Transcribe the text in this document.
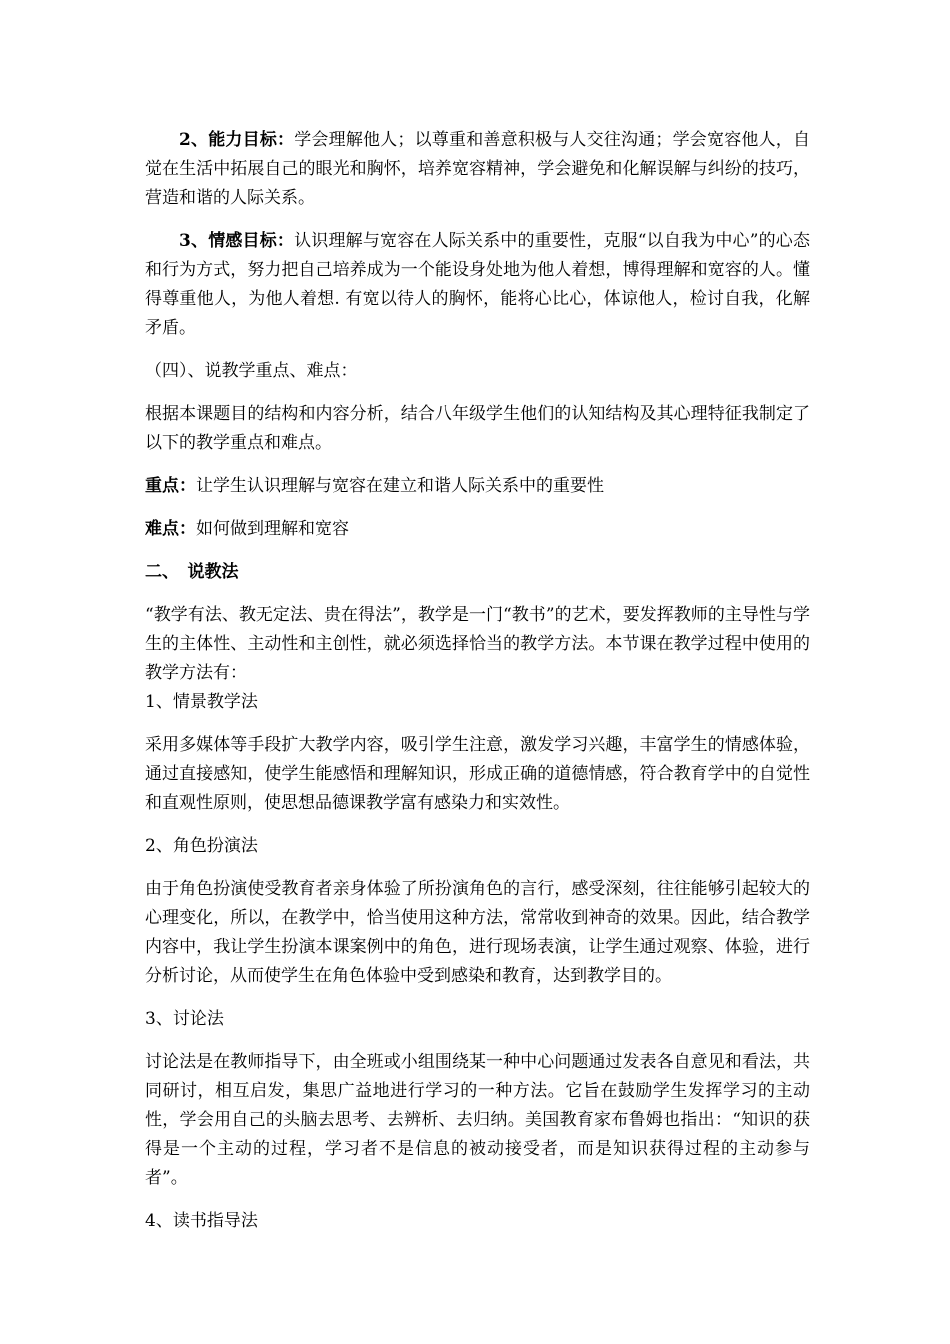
2、能力目标：学会理解他人；以尊重和善意积极与人交往沟通；学会宽容他人，自觉在生活中拓展自己的眼光和胸怀，培养宽容精神，学会避免和化解误解与纠纷的技巧，营造和谐的人际关系。

3、情感目标：认识理解与宽容在人际关系中的重要性，克服“以自我为中心”的心态和行为方式，努力把自己培养成为一个能设身处地为他人着想，博得理解和宽容的人。懂得尊重他人，为他人着想. 有宽以待人的胸怀，能将心比心，体谅他人，检讨自我，化解矛盾。

（四）、说教学重点、难点：

根据本课题目的结构和内容分析，结合八年级学生他们的认知结构及其心理特征我制定了以下的教学重点和难点。

重点：让学生认识理解与宽容在建立和谐人际关系中的重要性

难点：如何做到理解和宽容

二、　说教法

“教学有法、教无定法、贵在得法”，教学是一门“教书”的艺术，要发挥教师的主导性与学生的主体性、主动性和主创性，就必须选择恰当的教学方法。本节课在教学过程中使用的教学方法有：

1、情景教学法

采用多媒体等手段扩大教学内容，吸引学生注意，激发学习兴趣，丰富学生的情感体验，通过直接感知，使学生能感悟和理解知识，形成正确的道德情感，符合教育学中的自觉性和直观性原则，使思想品德课教学富有感染力和实效性。

2、角色扮演法

由于角色扮演使受教育者亲身体验了所扮演角色的言行，感受深刻，往往能够引起较大的心理变化，所以，在教学中，恰当使用这种方法，常常收到神奇的效果。因此，结合教学内容中，我让学生扮演本课案例中的角色，进行现场表演，让学生通过观察、体验，进行分析讨论，从而使学生在角色体验中受到感染和教育，达到教学目的。

3、讨论法

讨论法是在教师指导下，由全班或小组围绕某一种中心问题通过发表各自意见和看法，共同研讨，相互启发，集思广益地进行学习的一种方法。它旨在鼓励学生发挥学习的主动性，学会用自己的头脑去思考、去辨析、去归纳。美国教育家布鲁姆也指出：“知识的获得是一个主动的过程，学习者不是信息的被动接受者，而是知识获得过程的主动参与者”。

4、读书指导法
